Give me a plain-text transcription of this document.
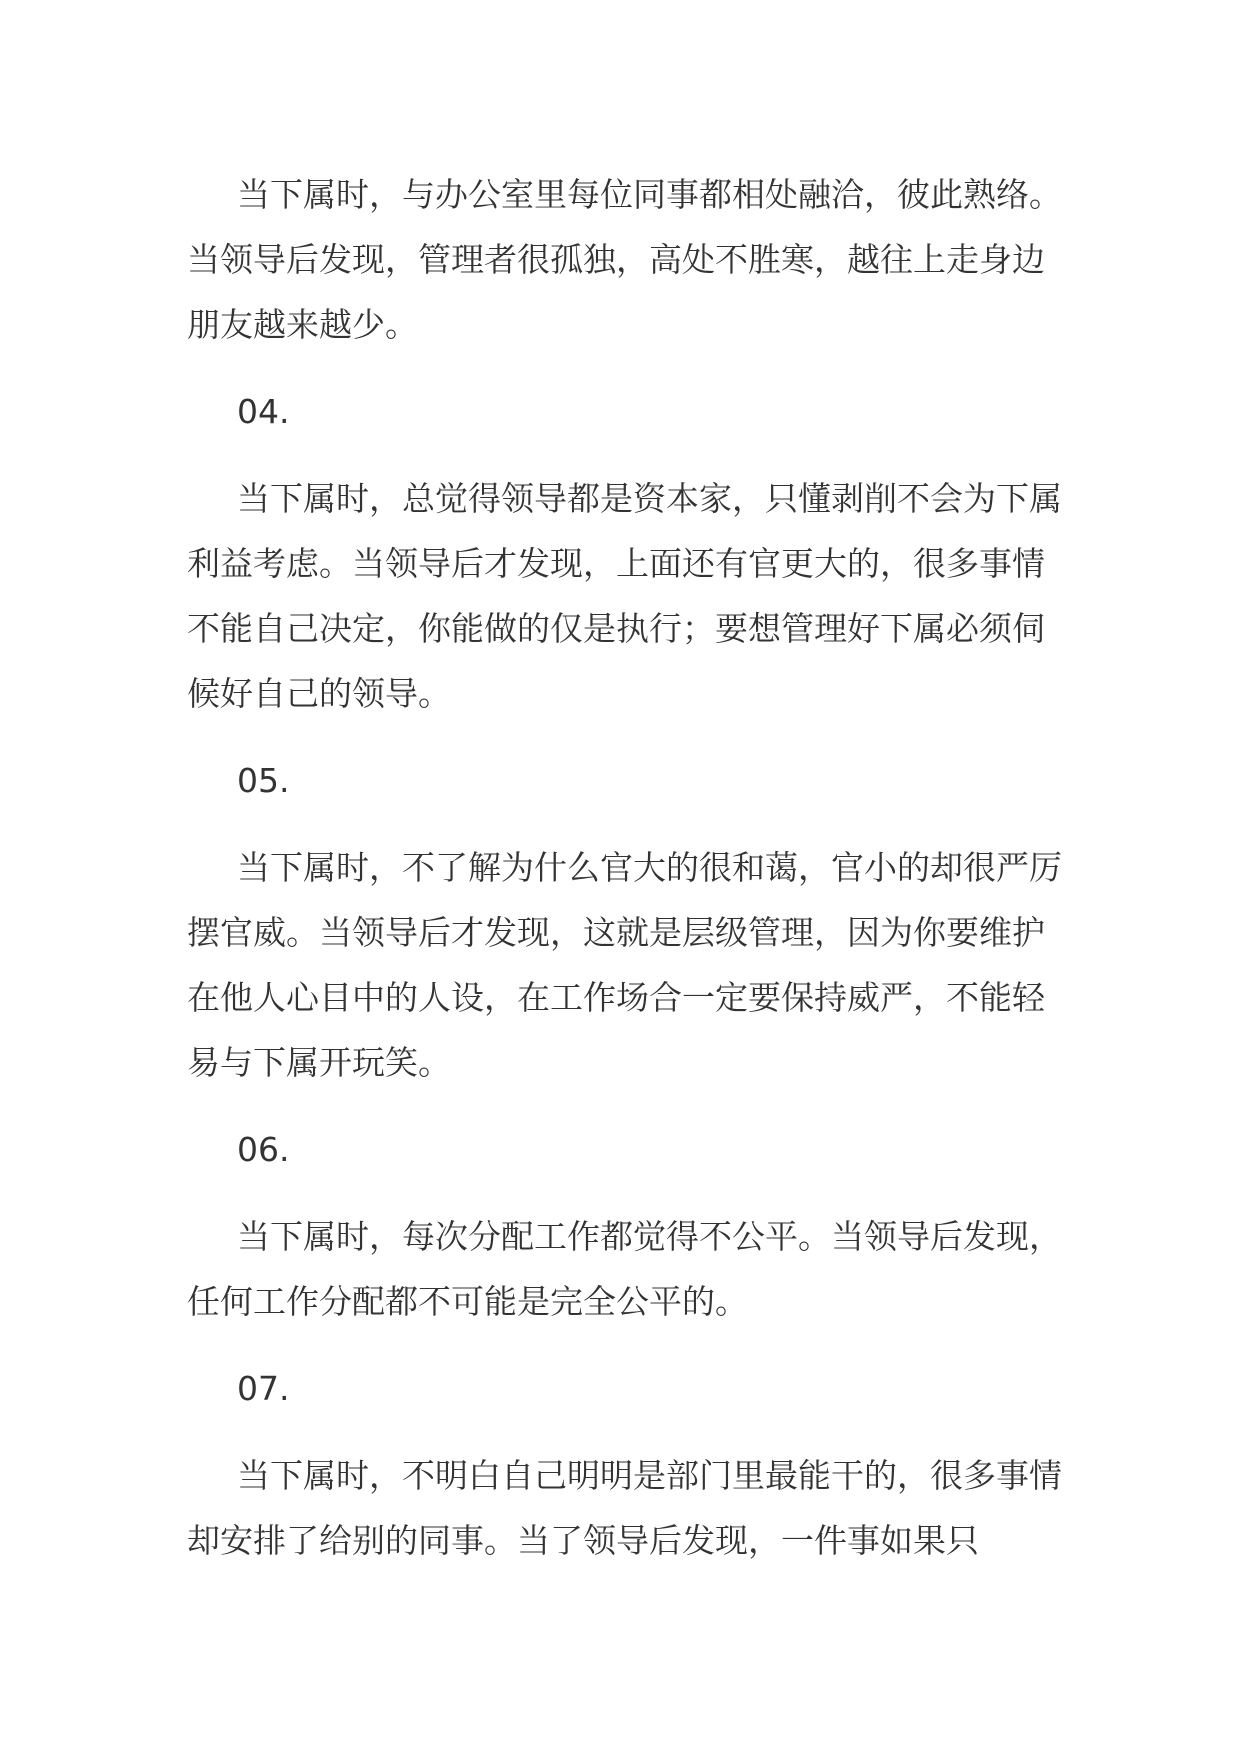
当下属时，与办公室里每位同事都相处融洽，彼此熟络。当领导后发现，管理者很孤独，高处不胜寒，越往上走身边朋友越来越少。

04.

当下属时，总觉得领导都是资本家，只懂剥削不会为下属利益考虑。当领导后才发现，上面还有官更大的，很多事情不能自己决定，你能做的仅是执行；要想管理好下属必须伺候好自己的领导。

05.

当下属时，不了解为什么官大的很和蔼，官小的却很严厉摆官威。当领导后才发现，这就是层级管理，因为你要维护在他人心目中的人设，在工作场合一定要保持威严，不能轻易与下属开玩笑。

06.

当下属时，每次分配工作都觉得不公平。当领导后发现，任何工作分配都不可能是完全公平的。

07.

当下属时，不明白自己明明是部门里最能干的，很多事情却安排了给别的同事。当了领导后发现，一件事如果只
